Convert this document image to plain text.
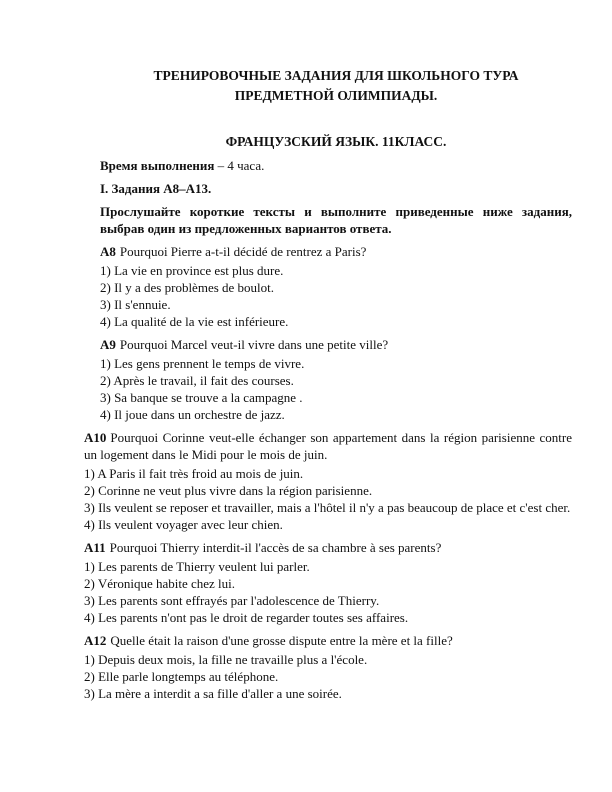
ТРЕНИРОВОЧНЫЕ ЗАДАНИЯ ДЛЯ ШКОЛЬНОГО ТУРА

ПРЕДМЕТНОЙ ОЛИМПИАДЫ.

ФРАНЦУЗСКИЙ ЯЗЫК. 11КЛАСС.

Время выполнения – 4 часа.

I. Задания А8–А13.

Прослушайте короткие тексты и выполните приведенные ниже задания, выбрав один из предложенных вариантов ответа.

А8 Pourquoi Pierre a-t-il décidé de rentrez a Paris?

1) La vie en province est plus dure.

2) Il y a des problèmes de boulot.

3) Il s'ennuie.

4) La qualité de la vie est inférieure.

А9 Pourquoi Marcel veut-il vivre dans une petite ville?

1) Les gens prennent le temps de vivre.

2) Après le travail, il fait des courses.

3) Sa banque se trouve a la campagne .

4) Il joue dans un orchestre de jazz.

А10 Pourquoi Corinne veut-elle échanger son appartement dans la région parisienne contre un logement dans le Midi pour le mois de juin.

1) A Paris il fait très froid au mois de juin.

2) Corinne ne veut plus vivre dans la région parisienne.

3) Ils veulent se reposer et travailler, mais a l'hôtel il n'y a pas beaucoup de place et c'est cher.

4) Ils veulent voyager avec leur chien.

А11 Pourquoi Thierry interdit-il l'accès de sa chambre à ses parents?

1) Les parents de Thierry veulent lui parler.

2) Véronique habite chez lui.

3) Les parents sont effrayés par l'adolescence de Thierry.

4) Les parents n'ont pas le droit de regarder toutes ses affaires.

А12 Quelle était la raison d'une grosse dispute entre la mère et la fille?

1) Depuis deux mois, la fille ne travaille plus a l'école.

2) Elle parle longtemps au téléphone.

3) La mère a interdit a sa fille d'aller a une soirée.
